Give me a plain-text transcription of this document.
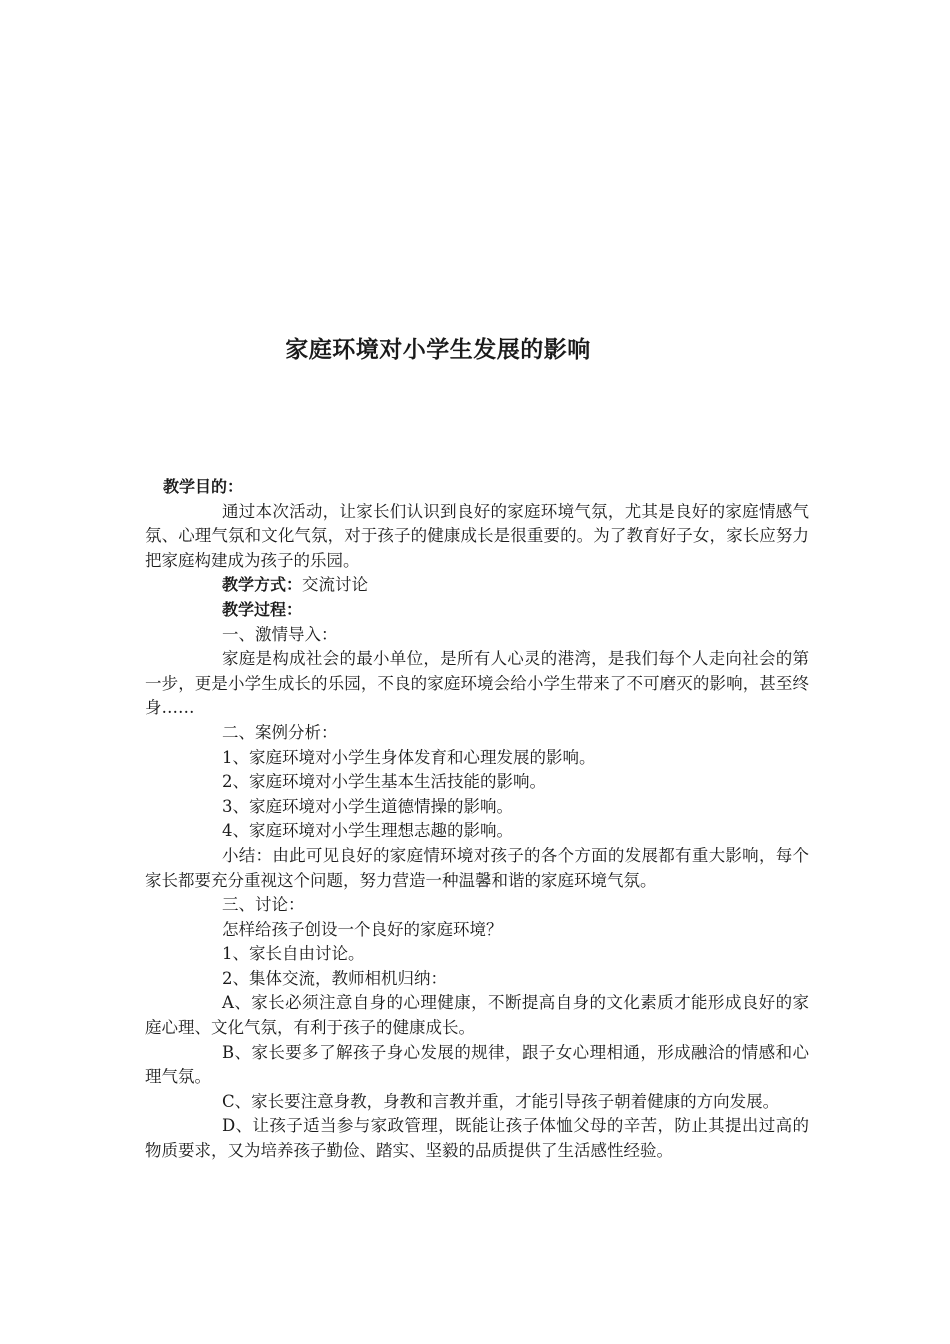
家庭环境对小学生发展的影响

教学目的：

通过本次活动，让家长们认识到良好的家庭环境气氛，尤其是良好的家庭情感气氛、心理气氛和文化气氛，对于孩子的健康成长是很重要的。为了教育好子女，家长应努力把家庭构建成为孩子的乐园。

教学方式：交流讨论

教学过程：

一、激情导入：

家庭是构成社会的最小单位，是所有人心灵的港湾，是我们每个人走向社会的第一步，更是小学生成长的乐园，不良的家庭环境会给小学生带来了不可磨灭的影响，甚至终身……

二、案例分析：

1、家庭环境对小学生身体发育和心理发展的影响。

2、家庭环境对小学生基本生活技能的影响。

3、家庭环境对小学生道德情操的影响。

4、家庭环境对小学生理想志趣的影响。

小结：由此可见良好的家庭情环境对孩子的各个方面的发展都有重大影响，每个家长都要充分重视这个问题，努力营造一种温馨和谐的家庭环境气氛。

三、讨论：

怎样给孩子创设一个良好的家庭环境？

1、家长自由讨论。

2、集体交流，教师相机归纳：

A、家长必须注意自身的心理健康，不断提高自身的文化素质才能形成良好的家庭心理、文化气氛，有利于孩子的健康成长。

B、家长要多了解孩子身心发展的规律，跟子女心理相通，形成融洽的情感和心理气氛。

C、家长要注意身教，身教和言教并重，才能引导孩子朝着健康的方向发展。

D、让孩子适当参与家政管理，既能让孩子体恤父母的辛苦，防止其提出过高的物质要求，又为培养孩子勤俭、踏实、坚毅的品质提供了生活感性经验。
